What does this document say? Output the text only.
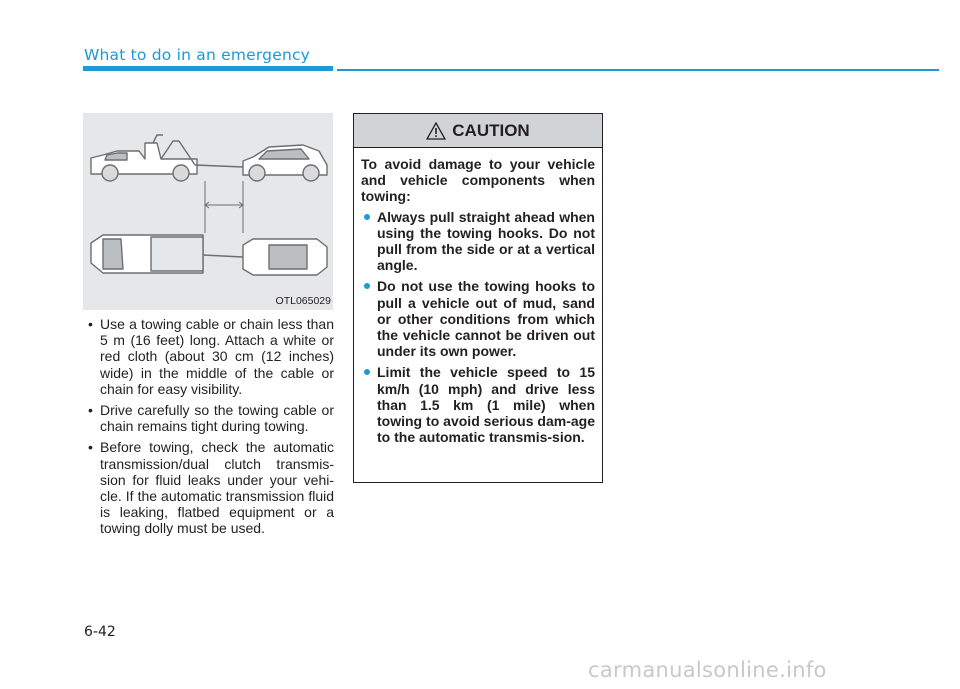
What to do in an emergency
OTL065029
• Use a towing cable or chain less than 5 m (16 feet) long. Attach a white or red cloth (about 30 cm (12 inches) wide) in the middle of the cable or chain for easy visibility.
• Drive carefully so the towing cable or chain remains tight during towing.
• Before towing, check the automatic transmission/dual clutch transmis-sion for fluid leaks under your vehi-cle. If the automatic transmission fluid is leaking, flatbed equipment or a towing dolly must be used.
CAUTION

To avoid damage to your vehicle and vehicle components when towing:

Always pull straight ahead when using the towing hooks. Do not pull from the side or at a vertical angle.
Do not use the towing hooks to pull a vehicle out of mud, sand or other conditions from which the vehicle cannot be driven out under its own power.
Limit the vehicle speed to 15 km/h (10 mph) and drive less than 1.5 km (1 mile) when towing to avoid serious dam-age to the automatic transmis-sion.
6-42
carmanualsonline.info
